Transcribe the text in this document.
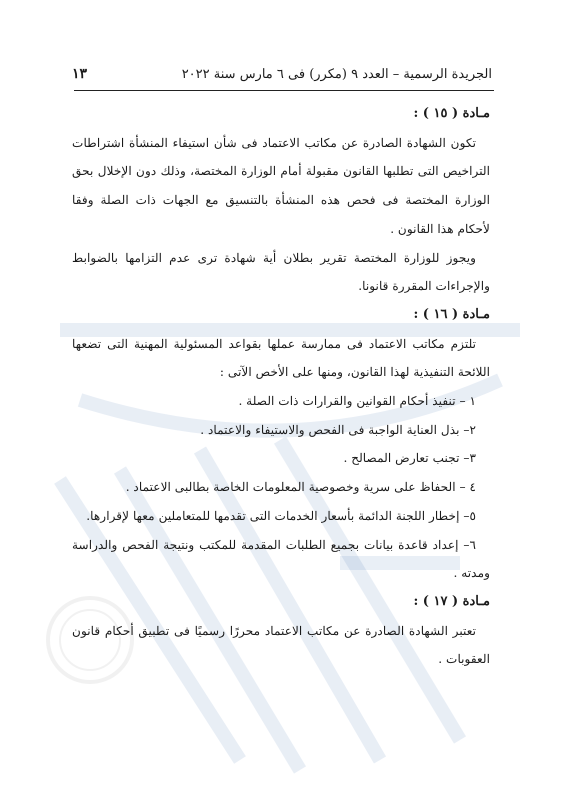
الجريدة الرسمية – العدد ٩ (مكرر) فى ٦ مارس سنة ٢٠٢٢
١٣
مـادة ( ١٥ ) :

تكون الشهادة الصادرة عن مكاتب الاعتماد فى شأن استيفاء المنشأة اشتراطات التراخيص التى تطلبها القانون مقبولة أمام الوزارة المختصة، وذلك دون الإخلال بحق الوزارة المختصة فى فحص هذه المنشأة بالتنسيق مع الجهات ذات الصلة وفقا لأحكام هذا القانون .

ويجوز للوزارة المختصة تقرير بطلان أية شهادة ترى عدم التزامها بالضوابط والإجراءات المقررة قانونا.

مـادة ( ١٦ ) :

تلتزم مكاتب الاعتماد فى ممارسة عملها بقواعد المسئولية المهنية التى تضعها اللائحة التنفيذية لهذا القانون، ومنها على الأخص الآتى :

١ – تنفيذ أحكام القوانين والقرارات ذات الصلة .

٢– بذل العناية الواجبة فى الفحص والاستيفاء والاعتماد .

٣– تجنب تعارض المصالح .

٤ – الحفاظ على سرية وخصوصية المعلومات الخاصة بطالبى الاعتماد .

٥– إخطار اللجنة الدائمة بأسعار الخدمات التى تقدمها للمتعاملين معها لإقرارها.

٦– إعداد قاعدة بيانات بجميع الطلبات المقدمة للمكتب ونتيجة الفحص والدراسة ومدته .

مـادة ( ١٧ ) :

تعتبر الشهادة الصادرة عن مكاتب الاعتماد محررًا رسميًا فى تطبيق أحكام قانون العقوبات .
